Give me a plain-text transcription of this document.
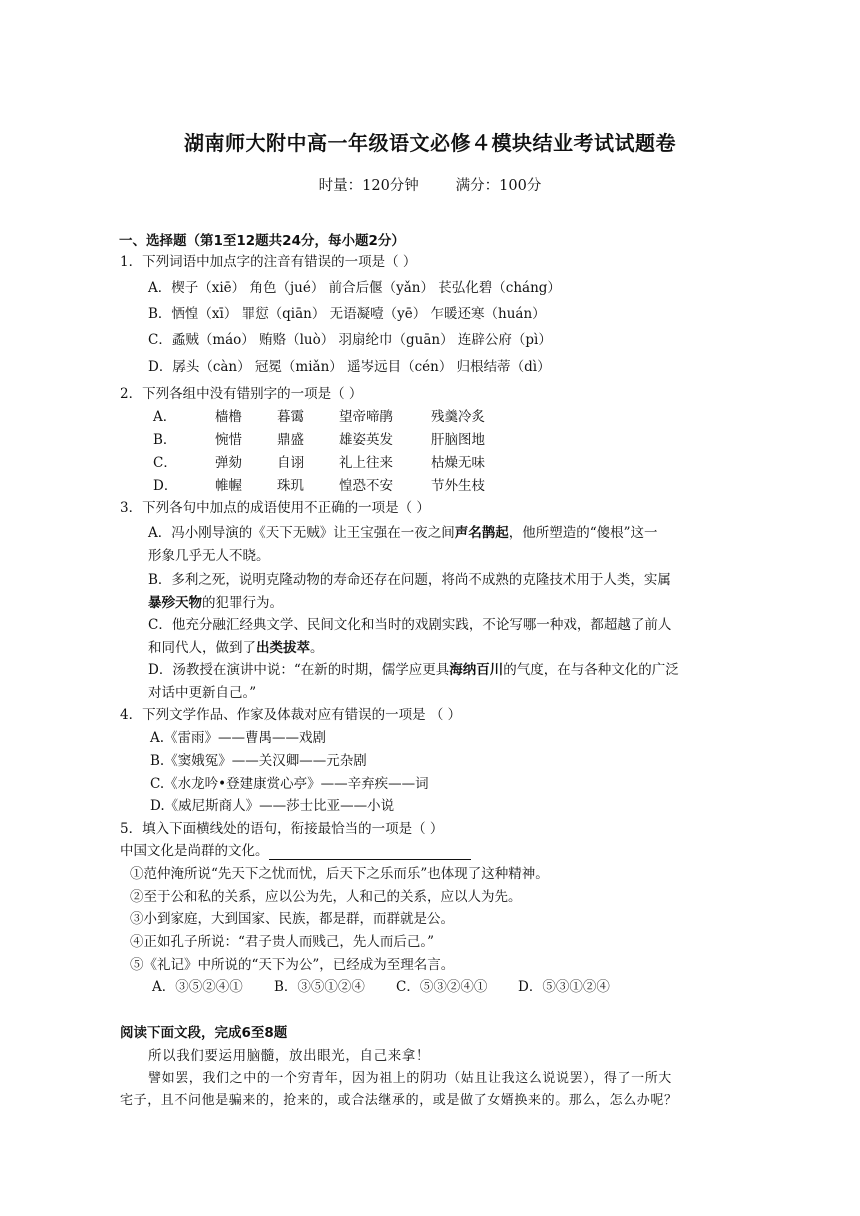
湖南师大附中高一年级语文必修４模块结业考试试题卷
时量：120分钟        满分：100分
一、选择题（第1至12题共24分，每小题2分）
1．下列词语中加点字的注音有错误的一项是（ ）
A．楔子（xiē） 角色（jué） 前合后偃（yǎn） 苌弘化碧（cháng）
B．恓惶（xī） 罪愆（qiān） 无语凝噎（yē） 乍暖还寒（huán）
C．蟊贼（máo） 贿赂（luò） 羽扇纶巾（guān） 连辟公府（pì）
D．孱头（càn） 冠冕（miǎn） 遥岑远目（cén） 归根结蒂（dì）
2．下列各组中没有错别字的一项是（ ）
A．	樯橹	暮霭	望帝啼鹃	残羹冷炙
B．	惋惜	鼎盛	雄姿英发	肝脑图地
C．	弹劾	自诩	礼上往来	枯燥无味
D．	帷幄	珠玑	惶恐不安	节外生枝
3．下列各句中加点的成语使用不正确的一项是（ ）
A．冯小刚导演的《天下无贼》让王宝强在一夜之间声名鹊起，他所塑造的“傻根”这一
形象几乎无人不晓。
B．多利之死，说明克隆动物的寿命还存在问题，将尚不成熟的克隆技术用于人类，实属
暴殄天物的犯罪行为。
C．他充分融汇经典文学、民间文化和当时的戏剧实践，不论写哪一种戏，都超越了前人
和同代人，做到了出类拔萃。
D．汤教授在演讲中说：“在新的时期，儒学应更具海纳百川的气度，在与各种文化的广泛
对话中更新自己。”
4．下列文学作品、作家及体裁对应有错误的一项是 （ ）
A.《雷雨》——曹禺——戏剧
B.《窦娥冤》——关汉卿——元杂剧
C.《水龙吟•登建康赏心亭》——辛弃疾——词
D.《威尼斯商人》——莎士比亚——小说
5．填入下面横线处的语句，衔接最恰当的一项是（ ）
中国文化是尚群的文化。
①范仲淹所说“先天下之忧而忧，后天下之乐而乐”也体现了这种精神。
②至于公和私的关系，应以公为先，人和己的关系，应以人为先。
③小到家庭，大到国家、民族，都是群，而群就是公。
④正如孔子所说：“君子贵人而贱己，先人而后己。”
⑤《礼记》中所说的“天下为公”，已经成为至理名言。
A．③⑤②④① B．③⑤①②④ C．⑤③②④① D．⑤③①②④
阅读下面文段，完成6至8题
所以我们要运用脑髓，放出眼光，自己来拿！
譬如罢，我们之中的一个穷青年，因为祖上的阴功（姑且让我这么说说罢），得了一所大
宅子，且不问他是骗来的，抢来的，或合法继承的，或是做了女婿换来的。那么，怎么办呢？
